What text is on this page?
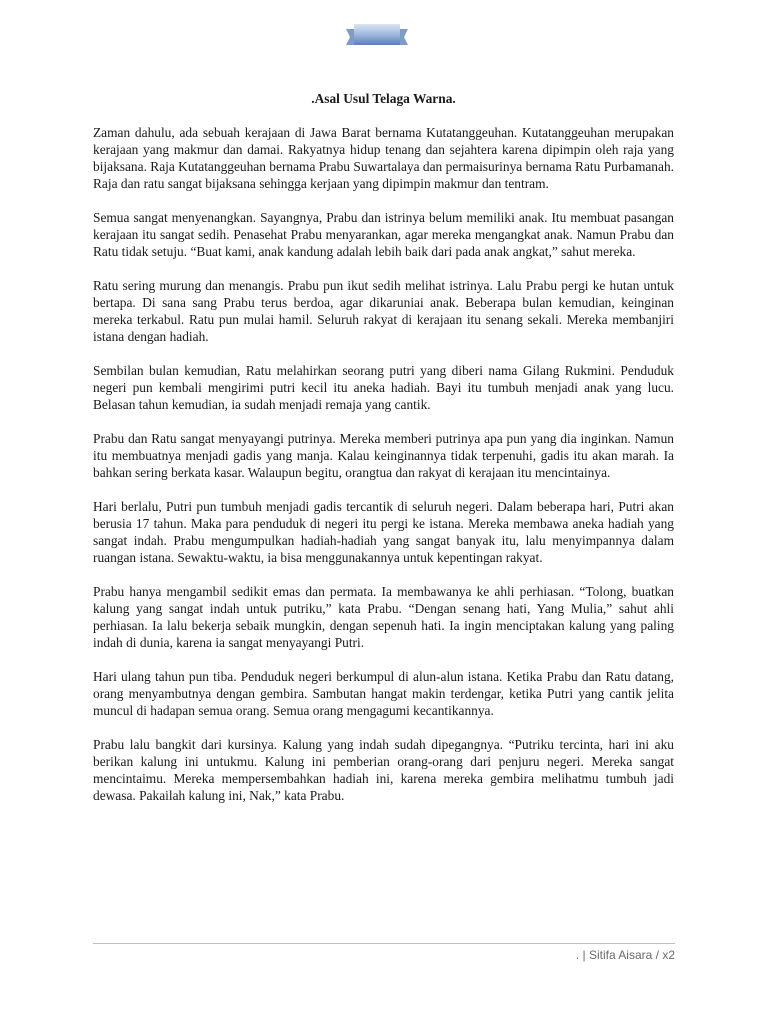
.Asal Usul Telaga Warna.

Zaman dahulu, ada sebuah kerajaan di Jawa Barat bernama Kutatanggeuhan. Kutatanggeuhan merupakan kerajaan yang makmur dan damai. Rakyatnya hidup tenang dan sejahtera karena dipimpin oleh raja yang bijaksana. Raja Kutatanggeuhan bernama Prabu Suwartalaya dan permaisurinya bernama Ratu Purbamanah. Raja dan ratu sangat bijaksana sehingga kerjaan yang dipimpin makmur dan tentram.

Semua sangat menyenangkan. Sayangnya, Prabu dan istrinya belum memiliki anak. Itu membuat pasangan kerajaan itu sangat sedih. Penasehat Prabu menyarankan, agar mereka mengangkat anak. Namun Prabu dan Ratu tidak setuju. “Buat kami, anak kandung adalah lebih baik dari pada anak angkat,” sahut mereka.

Ratu sering murung dan menangis. Prabu pun ikut sedih melihat istrinya. Lalu Prabu pergi ke hutan untuk bertapa. Di sana sang Prabu terus berdoa, agar dikaruniai anak. Beberapa bulan kemudian, keinginan mereka terkabul. Ratu pun mulai hamil. Seluruh rakyat di kerajaan itu senang sekali. Mereka membanjiri istana dengan hadiah.

Sembilan bulan kemudian, Ratu melahirkan seorang putri yang diberi nama Gilang Rukmini. Penduduk negeri pun kembali mengirimi putri kecil itu aneka hadiah. Bayi itu tumbuh menjadi anak yang lucu. Belasan tahun kemudian, ia sudah menjadi remaja yang cantik.

Prabu dan Ratu sangat menyayangi putrinya. Mereka memberi putrinya apa pun yang dia inginkan. Namun itu membuatnya menjadi gadis yang manja. Kalau keinginannya tidak terpenuhi, gadis itu akan marah. Ia bahkan sering berkata kasar. Walaupun begitu, orangtua dan rakyat di kerajaan itu mencintainya.

Hari berlalu, Putri pun tumbuh menjadi gadis tercantik di seluruh negeri. Dalam beberapa hari, Putri akan berusia 17 tahun. Maka para penduduk di negeri itu pergi ke istana. Mereka membawa aneka hadiah yang sangat indah. Prabu mengumpulkan hadiah-hadiah yang sangat banyak itu, lalu menyimpannya dalam ruangan istana. Sewaktu-waktu, ia bisa menggunakannya untuk kepentingan rakyat.

Prabu hanya mengambil sedikit emas dan permata. Ia membawanya ke ahli perhiasan. “Tolong, buatkan kalung yang sangat indah untuk putriku,” kata Prabu. “Dengan senang hati, Yang Mulia,” sahut ahli perhiasan. Ia lalu bekerja sebaik mungkin, dengan sepenuh hati. Ia ingin menciptakan kalung yang paling indah di dunia, karena ia sangat menyayangi Putri.

Hari ulang tahun pun tiba. Penduduk negeri berkumpul di alun-alun istana. Ketika Prabu dan Ratu datang, orang menyambutnya dengan gembira. Sambutan hangat makin terdengar, ketika Putri yang cantik jelita muncul di hadapan semua orang. Semua orang mengagumi kecantikannya.

Prabu lalu bangkit dari kursinya. Kalung yang indah sudah dipegangnya. “Putriku tercinta, hari ini aku berikan kalung ini untukmu. Kalung ini pemberian orang-orang dari penjuru negeri. Mereka sangat mencintaimu. Mereka mempersembahkan hadiah ini, karena mereka gembira melihatmu tumbuh jadi dewasa. Pakailah kalung ini, Nak,” kata Prabu.

. | Sitifa Aisara / x2
